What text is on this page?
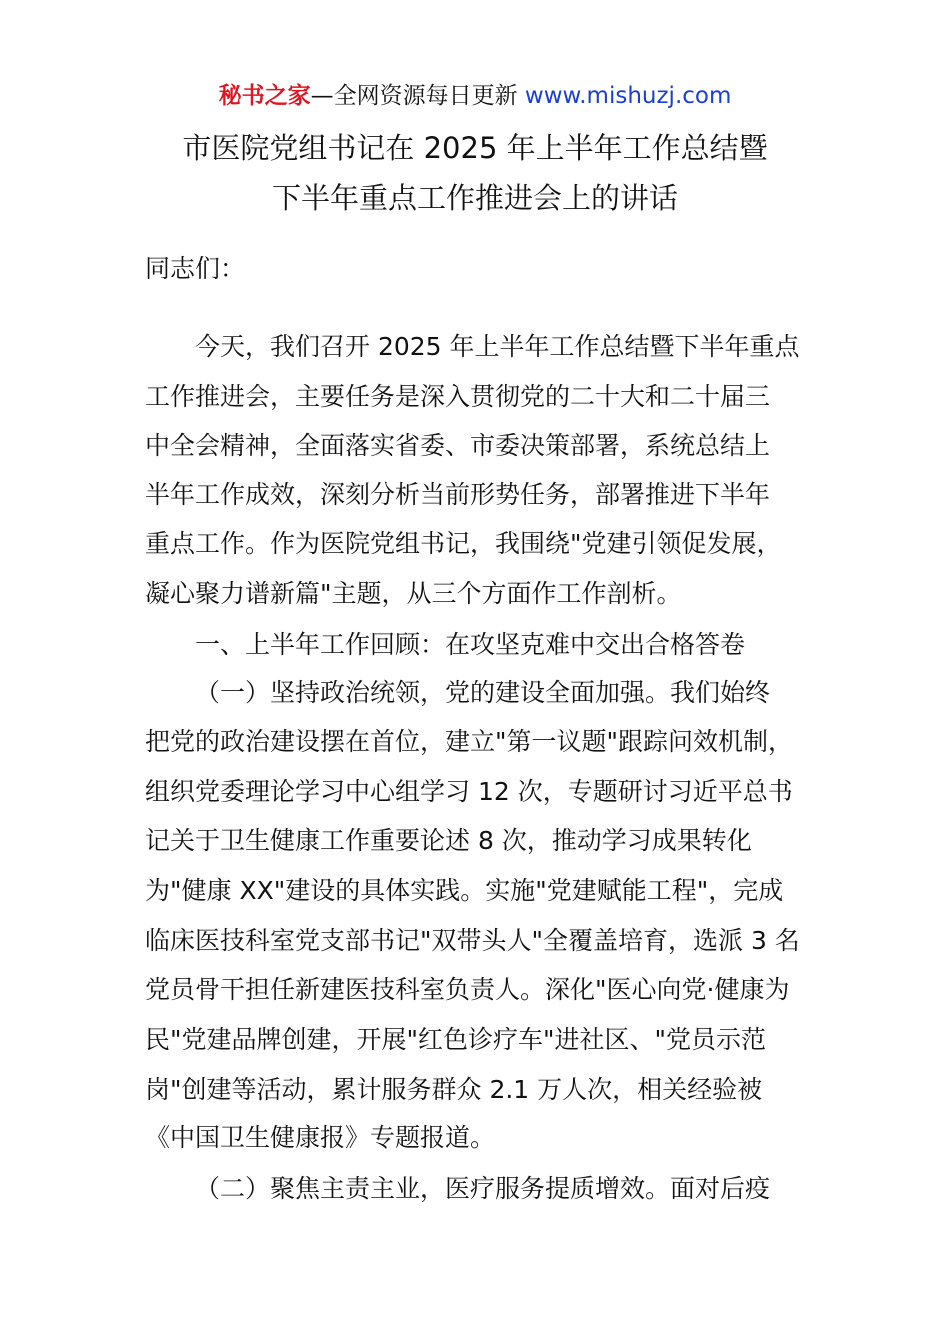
秘书之家—全网资源每日更新 www.mishuzj.com
市医院党组书记在 2025 年上半年工作总结暨
下半年重点工作推进会上的讲话
同志们：
今天，我们召开 2025 年上半年工作总结暨下半年重点
工作推进会，主要任务是深入贯彻党的二十大和二十届三
中全会精神，全面落实省委、市委决策部署，系统总结上
半年工作成效，深刻分析当前形势任务，部署推进下半年
重点工作。作为医院党组书记，我围绕"党建引领促发展，
凝心聚力谱新篇"主题，从三个方面作工作剖析。
一、上半年工作回顾：在攻坚克难中交出合格答卷
（一）坚持政治统领，党的建设全面加强。我们始终
把党的政治建设摆在首位，建立"第一议题"跟踪问效机制，
组织党委理论学习中心组学习 12 次，专题研讨习近平总书
记关于卫生健康工作重要论述 8 次，推动学习成果转化
为"健康 XX"建设的具体实践。实施"党建赋能工程"，完成
临床医技科室党支部书记"双带头人"全覆盖培育，选派 3 名
党员骨干担任新建医技科室负责人。深化"医心向党·健康为
民"党建品牌创建，开展"红色诊疗车"进社区、"党员示范
岗"创建等活动，累计服务群众 2.1 万人次，相关经验被
《中国卫生健康报》专题报道。
（二）聚焦主责主业，医疗服务提质增效。面对后疫
